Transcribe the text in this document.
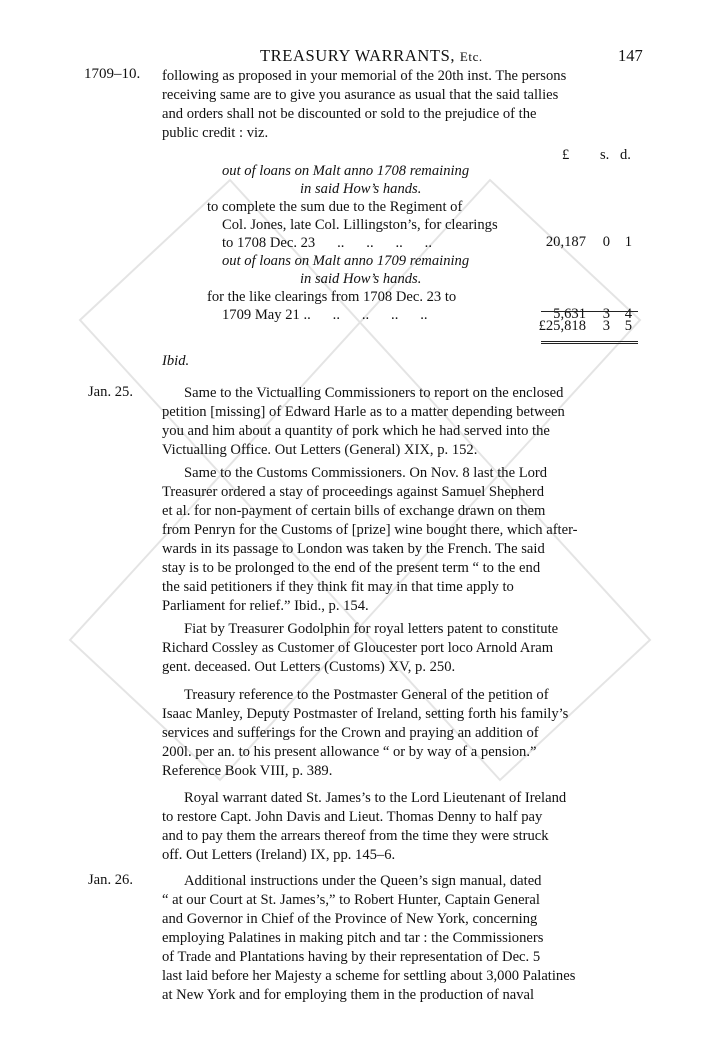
TREASURY WARRANTS, Etc.	147
1709–10. following as proposed in your memorial of the 20th inst. The persons

receiving same are to give you asurance as usual that the said tallies

and orders shall not be discounted or sold to the prejudice of the

public credit : viz.

£ s. d.
out of loans on Malt anno 1708 remaining
in said How’s hands.
to complete the sum due to the Regiment of
Col. Jones, late Col. Lillingston’s, for clearings
to 1708 Dec. 23      ..      ..      ..      ..	20,187	0	1
out of loans on Malt anno 1709 remaining
in said How’s hands.
for the like clearings from 1708 Dec. 23 to
1709 May 21 ..      ..      ..      ..      ..	5,631	3	4
£25,818	3	5
Ibid.
Jan. 25.	Same to the Victualling Commissioners to report on the enclosed

petition [missing] of Edward Harle as to a matter depending between

you and him about a quantity of pork which he had served into the

Victualling Office. Out Letters (General) XIX, p. 152.

Same to the Customs Commissioners. On Nov. 8 last the Lord

Treasurer ordered a stay of proceedings against Samuel Shepherd

et al. for non-payment of certain bills of exchange drawn on them

from Penryn for the Customs of [prize] wine bought there, which after-

wards in its passage to London was taken by the French. The said

stay is to be prolonged to the end of the present term “ to the end

the said petitioners if they think fit may in that time apply to

Parliament for relief.” Ibid., p. 154.

Fiat by Treasurer Godolphin for royal letters patent to constitute

Richard Cossley as Customer of Gloucester port loco Arnold Aram

gent. deceased. Out Letters (Customs) XV, p. 250.

Treasury reference to the Postmaster General of the petition of

Isaac Manley, Deputy Postmaster of Ireland, setting forth his family’s

services and sufferings for the Crown and praying an addition of

200l. per an. to his present allowance “ or by way of a pension.”

Reference Book VIII, p. 389.

Royal warrant dated St. James’s to the Lord Lieutenant of Ireland

to restore Capt. John Davis and Lieut. Thomas Denny to half pay

and to pay them the arrears thereof from the time they were struck

off. Out Letters (Ireland) IX, pp. 145–6.

Jan. 26.	Additional instructions under the Queen’s sign manual, dated

“ at our Court at St. James’s,” to Robert Hunter, Captain General

and Governor in Chief of the Province of New York, concerning

employing Palatines in making pitch and tar : the Commissioners

of Trade and Plantations having by their representation of Dec. 5

last laid before her Majesty a scheme for settling about 3,000 Palatines

at New York and for employing them in the production of naval
